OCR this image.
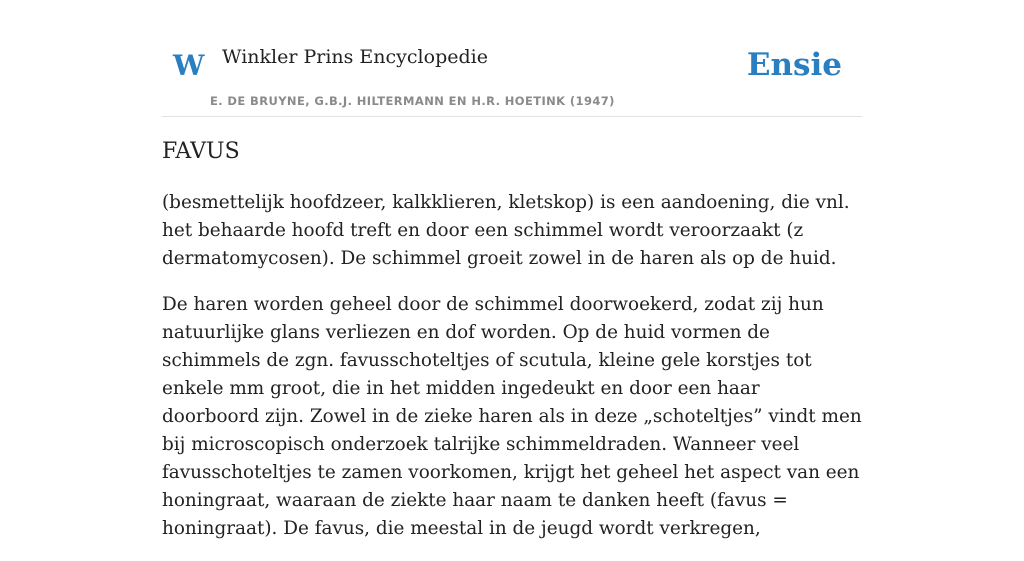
W Winkler Prins Encyclopedie
E. DE BRUYNE, G.B.J. HILTERMANN EN H.R. HOETINK (1947)
Ensie
FAVUS

(besmettelijk hoofdzeer, kalkklieren, kletskop) is een aandoening, die vnl. het behaarde hoofd treft en door een schimmel wordt veroorzaakt (z dermatomycosen). De schimmel groeit zowel in de haren als op de huid.

De haren worden geheel door de schimmel doorwoekerd, zodat zij hun natuurlijke glans verliezen en dof worden. Op de huid vormen de schimmels de zgn. favusschoteltjes of scutula, kleine gele korstjes tot enkele mm groot, die in het midden ingedeukt en door een haar doorboord zijn. Zowel in de zieke haren als in deze „schoteltjes” vindt men bij microscopisch onderzoek talrijke schimmeldraden. Wanneer veel favusschoteltjes te zamen voorkomen, krijgt het geheel het aspect van een honingraat, waaraan de ziekte haar naam te danken heeft (favus = honingraat). De favus, die meestal in de jeugd wordt verkregen,
